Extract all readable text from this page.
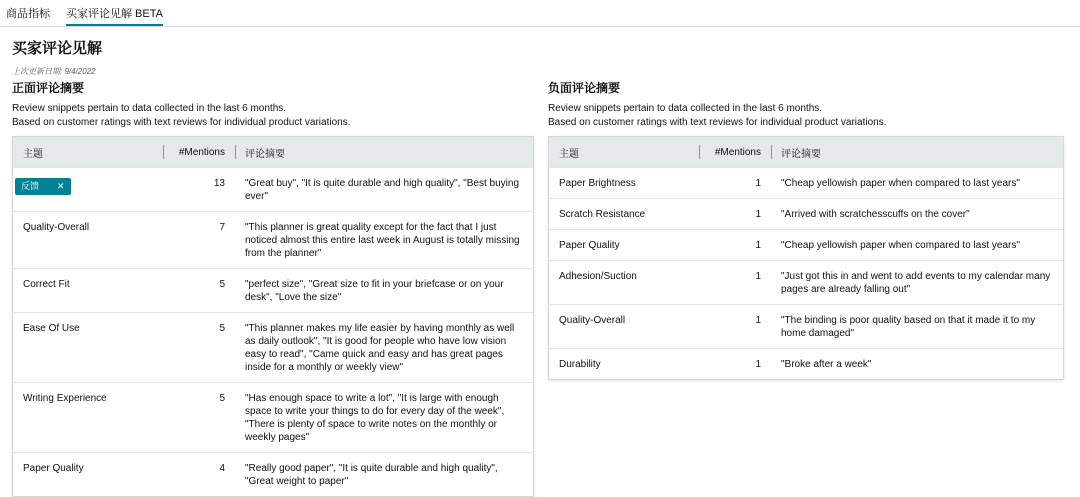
商品指标 买家评论见解 BETA
买家评论见解
上次更新日期: 9/4/2022
正面评论摘要
Review snippets pertain to data collected in the last 6 months.
Based on customer ratings with text reviews for individual product variations.
主题	#Mentions	评论摘要
反馈 ✕	13	"Great buy", "It is quite durable and high quality", "Best buying ever"
Quality-Overall	7	"This planner is great quality except for the fact that I just noticed almost this entire last week in August is totally missing from the planner"
Correct Fit	5	"perfect size", "Great size to fit in your briefcase or on your desk", "Love the size"
Ease Of Use	5	"This planner makes my life easier by having monthly as well as daily outlook", "It is good for people who have low vision easy to read", "Came quick and easy and has great pages inside for a monthly or weekly view"
Writing Experience	5	"Has enough space to write a lot", "It is large with enough space to write your things to do for every day of the week", "There is plenty of space to write notes on the monthly or weekly pages"
Paper Quality	4	"Really good paper", "It is quite durable and high quality", "Great weight to paper"
负面评论摘要
Review snippets pertain to data collected in the last 6 months.
Based on customer ratings with text reviews for individual product variations.
主题	#Mentions	评论摘要
Paper Brightness	1	"Cheap yellowish paper when compared to last years"
Scratch Resistance	1	"Arrived with scratchesscuffs on the cover"
Paper Quality	1	"Cheap yellowish paper when compared to last years"
Adhesion/Suction	1	"Just got this in and went to add events to my calendar many pages are already falling out"
Quality-Overall	1	"The binding is poor quality based on that it made it to my home damaged"
Durability	1	"Broke after a week"
